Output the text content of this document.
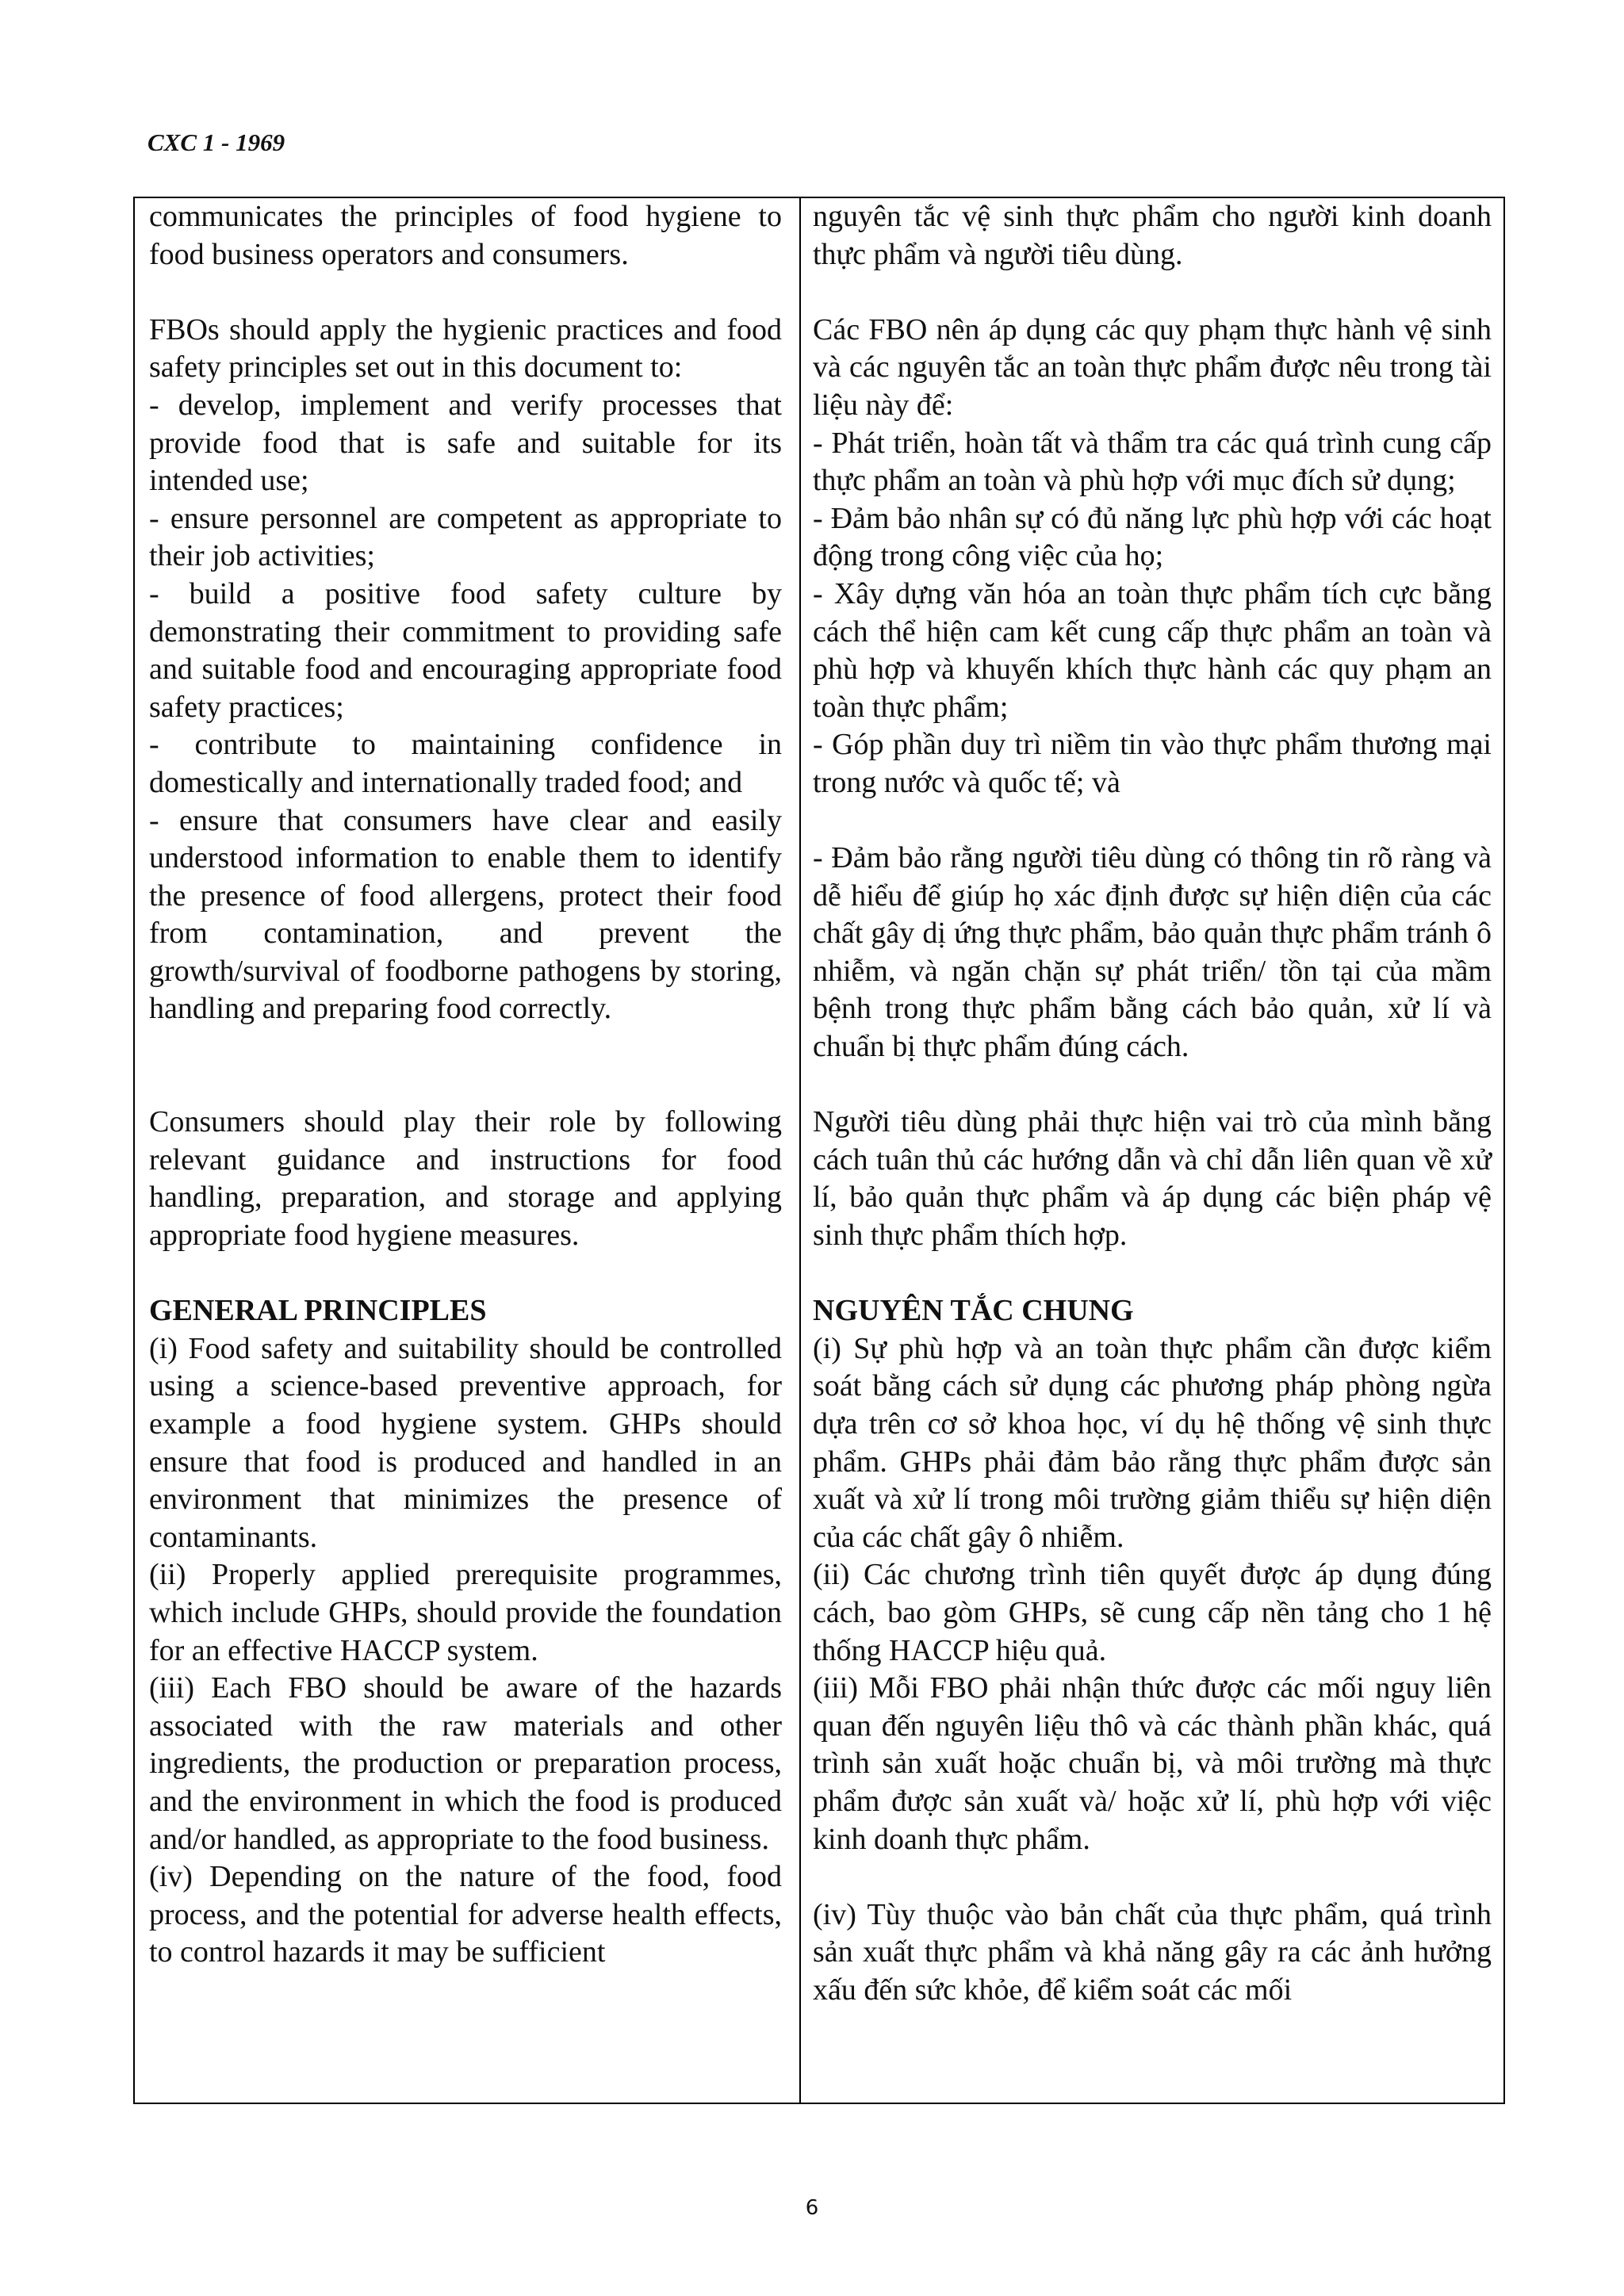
CXC 1 - 1969

communicates the principles of food hygiene to food business operators and consumers.

FBOs should apply the hygienic practices and food safety principles set out in this document to:

- develop, implement and verify processes that provide food that is safe and suitable for its intended use;

- ensure personnel are competent as appropriate to their job activities;

- build a positive food safety culture by demonstrating their commitment to providing safe and suitable food and encouraging appropriate food safety practices;

- contribute to maintaining confidence in domestically and internationally traded food; and

- ensure that consumers have clear and easily understood information to enable them to identify the presence of food allergens, protect their food from contamination, and prevent the growth/survival of foodborne pathogens by storing, handling and preparing food correctly.

Consumers should play their role by following relevant guidance and instructions for food handling, preparation, and storage and applying appropriate food hygiene measures.

GENERAL PRINCIPLES

(i) Food safety and suitability should be controlled using a science-based preventive approach, for example a food hygiene system. GHPs should ensure that food is produced and handled in an environment that minimizes the presence of contaminants.

(ii) Properly applied prerequisite programmes, which include GHPs, should provide the foundation for an effective HACCP system.

(iii) Each FBO should be aware of the hazards associated with the raw materials and other ingredients, the production or preparation process, and the environment in which the food is produced and/or handled, as appropriate to the food business.

(iv) Depending on the nature of the food, food process, and the potential for adverse health effects, to control hazards it may be sufficient

nguyên tắc vệ sinh thực phẩm cho người kinh doanh thực phẩm và người tiêu dùng.

Các FBO nên áp dụng các quy phạm thực hành vệ sinh và các nguyên tắc an toàn thực phẩm được nêu trong tài liệu này để:

- Phát triển, hoàn tất và thẩm tra các quá trình cung cấp thực phẩm an toàn và phù hợp với mục đích sử dụng;

- Đảm bảo nhân sự có đủ năng lực phù hợp với các hoạt động trong công việc của họ;

- Xây dựng văn hóa an toàn thực phẩm tích cực bằng cách thể hiện cam kết cung cấp thực phẩm an toàn và phù hợp và khuyến khích thực hành các quy phạm an toàn thực phẩm;

- Góp phần duy trì niềm tin vào thực phẩm thương mại trong nước và quốc tế; và

- Đảm bảo rằng người tiêu dùng có thông tin rõ ràng và dễ hiểu để giúp họ xác định được sự hiện diện của các chất gây dị ứng thực phẩm, bảo quản thực phẩm tránh ô nhiễm, và ngăn chặn sự phát triển/ tồn tại của mầm bệnh trong thực phẩm bằng cách bảo quản, xử lí và chuẩn bị thực phẩm đúng cách.

Người tiêu dùng phải thực hiện vai trò của mình bằng cách tuân thủ các hướng dẫn và chỉ dẫn liên quan về xử lí, bảo quản thực phẩm và áp dụng các biện pháp vệ sinh thực phẩm thích hợp.

NGUYÊN TẮC CHUNG

(i) Sự phù hợp và an toàn thực phẩm cần được kiểm soát bằng cách sử dụng các phương pháp phòng ngừa dựa trên cơ sở khoa học, ví dụ hệ thống vệ sinh thực phẩm. GHPs phải đảm bảo rằng thực phẩm được sản xuất và xử lí trong môi trường giảm thiểu sự hiện diện của các chất gây ô nhiễm.

(ii) Các chương trình tiên quyết được áp dụng đúng cách, bao gòm GHPs, sẽ cung cấp nền tảng cho 1 hệ thống HACCP hiệu quả.

(iii) Mỗi FBO phải nhận thức được các mối nguy liên quan đến nguyên liệu thô và các thành phần khác, quá trình sản xuất hoặc chuẩn bị, và môi trường mà thực phẩm được sản xuất và/ hoặc xử lí, phù hợp với việc kinh doanh thực phẩm.

(iv) Tùy thuộc vào bản chất của thực phẩm, quá trình sản xuất thực phẩm và khả năng gây ra các ảnh hưởng xấu đến sức khỏe, để kiểm soát các mối

6
